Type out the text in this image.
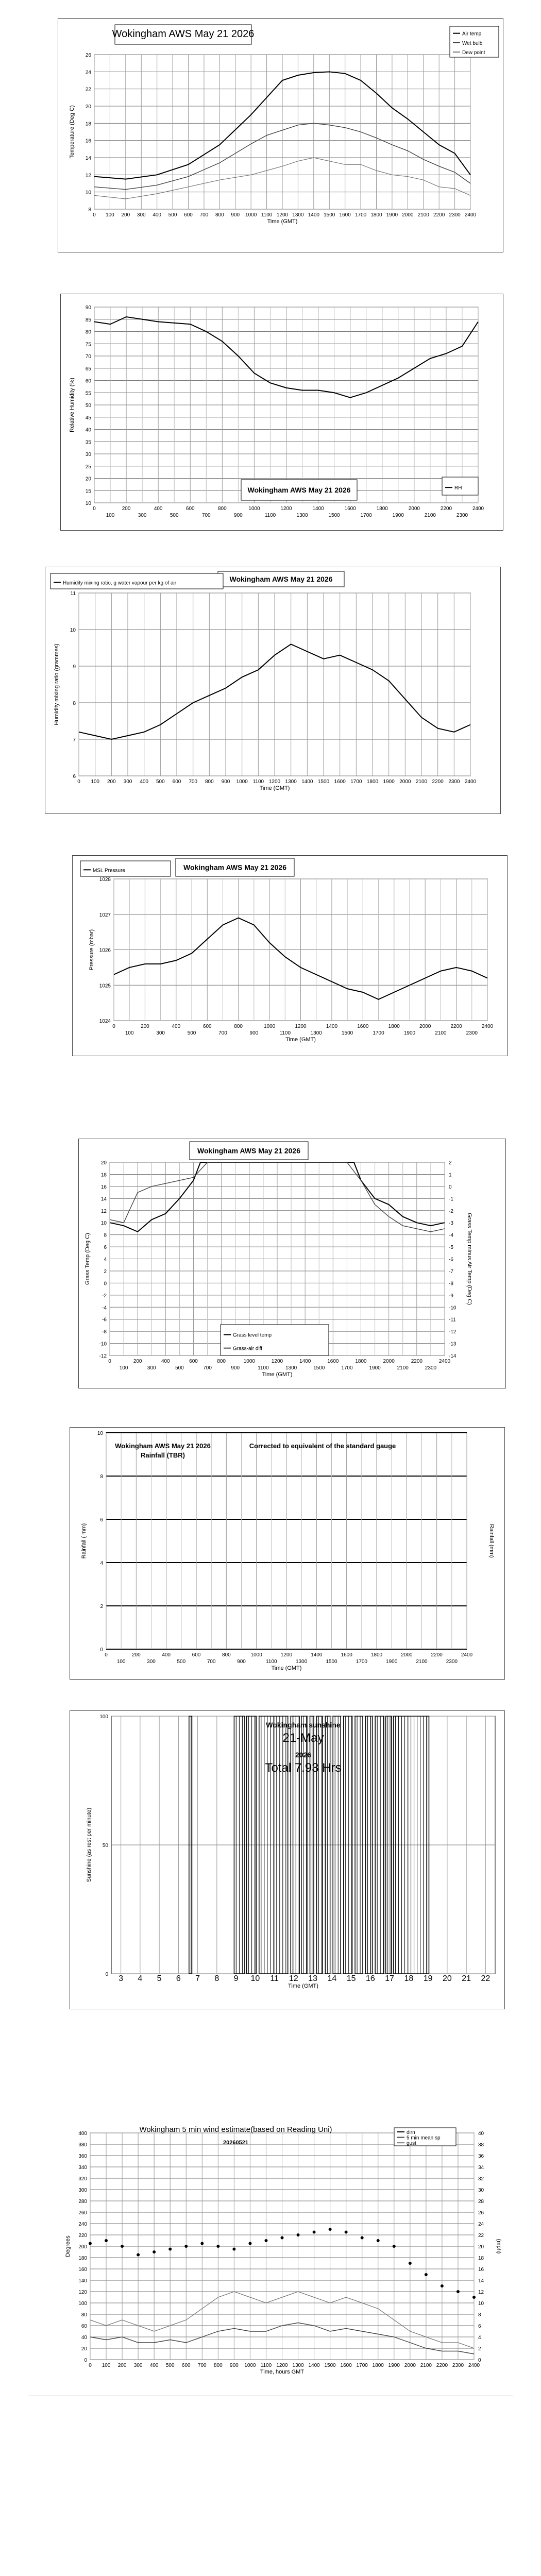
8
10
12
14
16
18
20
22
24
26
0 100 200 300 400 500 600 700 800 900 1000 1100 1200 1300 1400 1500 1600 1700 1800 1900 2000 2100 2200 2300 2400
Time (GMT)
Temperature (Deg C)
Wokingham AWS May 21 2026	Air temp
Wet bulb
Dew point
10
15
20
25
30
35
40
45
50
55
60
65
70
75
80
85
90
0	200	400	600	800	1000	1200	1400	1600	1800	2000	2200	2400
100	300	500	700	900	1100	1300	1500	1700	1900	2100	2300
Relative Humidity (%)
Wokingham AWS May 21 2026	RH
6
7
8
9
10
11
0 100 200 300 400 500 600 700 800 900 1000 1100 1200 1300 1400 1500 1600 1700 1800 1900 2000 2100 2200 2300 2400
Time (GMT)
Humidity mixing ratio (grammes)
Wokingham AWS May 21 2026
Humidity mixing ratio, g water vapour per kg of air
1024
1025
1026
1027
1028
0	200	400	600	800	1000	1200	1400	1600	1800	2000	2200	2400
100	300	500	700	900	1100	1300	1500	1700	1900	2100	2300
Time (GMT)
Pressure (mbar)
Wokingham AWS May 21 2026
MSL Pressure
-12
-10
-8
-6
-4
-2
0
2
4
6
8
10
12
14
16
18
20
-14
-13
-12
-11
-10
-9
-8
-7
-6
-5
-4
-3
-2
-1
0
1
2
0	200	400	600	800	1000	1200	1400	1600	1800	2000	2200	2400
100	300	500	700	900	1100	1300	1500	1700	1900	2100	2300
Time (GMT)
Grass Temp (Deg C)	Grass Temp minus Air Temp (Deg C)
Wokingham AWS May 21 2026
Grass level temp
Grass-air diff
0
2
4
6
8
10
0	200	400	600	800	1000	1200	1400	1600	1800	2000	2200	2400
100	300	500	700	900	1100	1300	1500	1700	1900	2100	2300
Time (GMT)
Rainfall ( mm)	Rainfall (mm)
Wokingham AWS May 21 2026
Rainfall (TBR)
Corrected to equivalent of the standard gauge
0
50
100
3 4 5 6 7 8 9 10 11 12 13 14 15 16 17 18 19 20 21 22
Time (GMT)
Sunshine (as rest per minute)
Wokingham sunshine
21-May
2026
Total 7.93 Hrs
0
20
40
60
80
100
120
140
160
180
200
220
240
260
280
300
320
340
360
380
400
0
2
4
6
8
10
12
14
16
18
20
22
24
26
28
30
32
34
36
38
40
0 100 200 300 400 500 600 700 800 900 1000 1100 1200 1300 1400 1500 1600 1700 1800 1900 2000 2100 2200 2300 2400
Time, hours GMT
Degrees	(mph)
dirn
5 min mean sp
gust
Wokingham 5 min wind estimate(based on Reading Uni)
20260521
